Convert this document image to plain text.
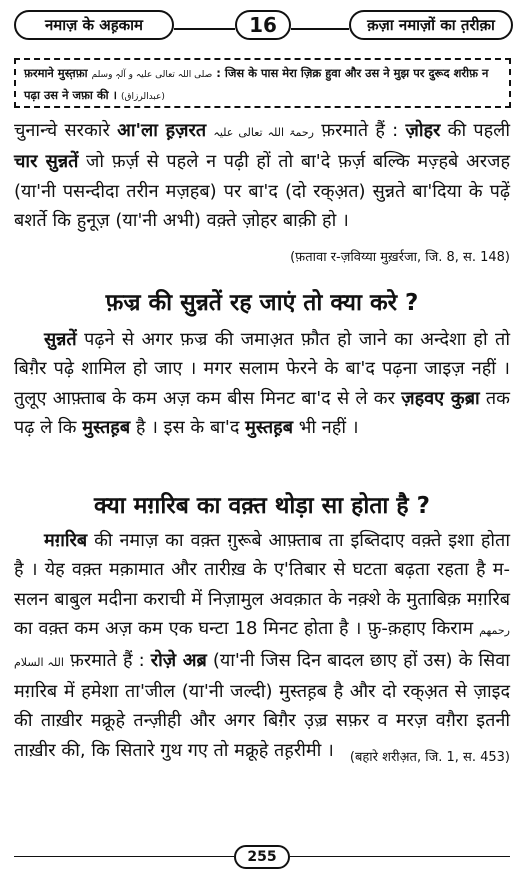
नमाज़ के अह़काम	16	क़ज़ा नमाज़ों का त़रीक़ा
फ़रमाने मुस्त़फ़ा صلی اللہ تعالی علیہ و آلہٖ وسلم : जिस के पास मेरा ज़िक्र हुवा और उस ने मुझ पर दुरूद शरीफ़ न पढ़ा उस ने जफ़ा की । (عبدالرزاق)

चुनान्चे सरकारे आ'ला ह़ज़रत رحمۃ اللہ تعالی علیہ फ़रमाते हैं : ज़ोहर की पहली चार सुन्नतें जो फ़र्ज़ से पहले न पढ़ी हों तो बा'दे फ़र्ज़ बल्कि मज़्हबे अरजह (या'नी पसन्दीदा तरीन मज़हब) पर बा'द (दो रक्अ़त) सुन्नते बा'दिया के पढ़ें बशर्ते कि हुनूज़ (या'नी अभी) वक़्ते ज़ोहर बाक़ी हो ।
(फ़तावा र-ज़विय्या मुख़र्रजा, जि. 8, स. 148)

फ़ज्र की सुन्नतें रह जाएं तो क्या करे ?

सुन्नतें पढ़ने से अगर फ़ज्र की जमाअ़त फ़ौत हो जाने का अन्देशा हो तो बिग़ैर पढ़े शामिल हो जाए । मगर सलाम फेरने के बा'द पढ़ना जाइज़ नहीं । तुलूए आफ़्ताब के कम अज़ कम बीस मिनट बा'द से ले कर ज़हवए कुब्रा तक पढ़ ले कि मुस्तह़ब है । इस के बा'द मुस्तह़ब भी नहीं ।

क्या मग़रिब का वक़्त थोड़ा सा होता है ?

मग़रिब की नमाज़ का वक़्त ग़ुरूबे आफ़्ताब ता इब्तिदाए वक़्ते इशा होता है । येह वक़्त मक़ामात और तारीख़ के ए'तिबार से घटता बढ़ता रहता है म-सलन बाबुल मदीना कराची में निज़ामुल अवक़ात के नक़्शे के मुताबिक़ मग़रिब का वक़्त कम अज़ कम एक घन्टा 18 मिनट होता है । फ़ु-क़हाए किराम رحمھم اللہ السلام फ़रमाते हैं : रोज़े अब्र (या'नी जिस दिन बादल छाए हों उस) के सिवा मग़रिब में हमेशा ता'जील (या'नी जल्दी) मुस्तह़ब है और दो रक्अ़त से ज़ाइद की ताख़ीर मक्रूहे तन्ज़ीही और अगर बिग़ैर उ़ज़्र सफ़र व मरज़ वग़ैरा इतनी ताख़ीर की, कि सितारे गुथ गए तो मक्रूहे तह़रीमी । (बहारे शरीअ़त, जि. 1, स. 453)

255
